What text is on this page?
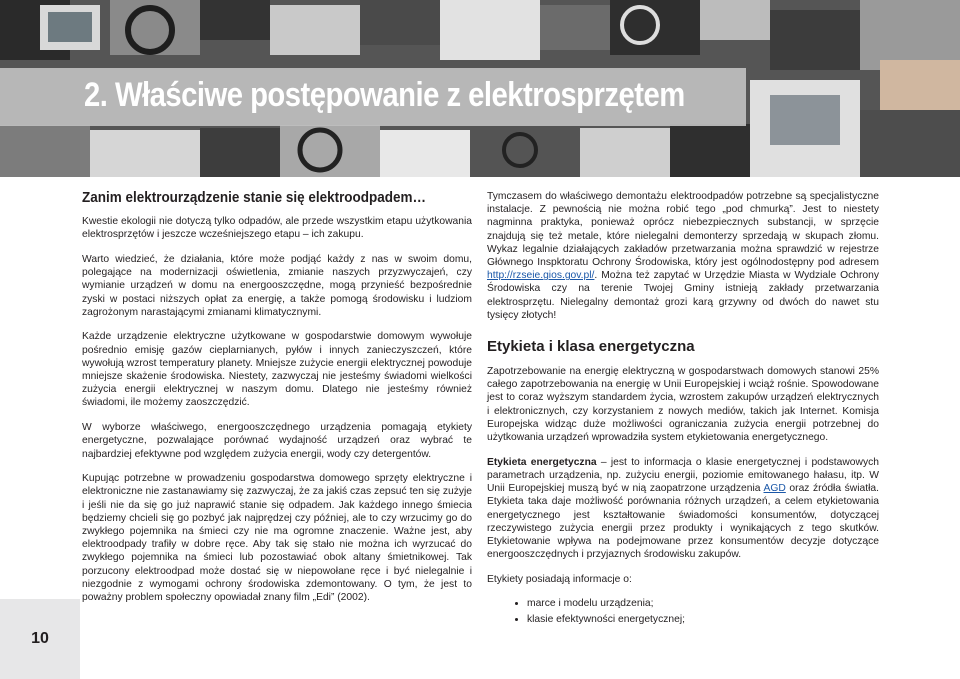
2. Właściwe postępowanie z elektrosprzętem
Zanim elektrourządzenie stanie się elektroodpadem…

Kwestie ekologii nie dotyczą tylko odpadów, ale przede wszystkim etapu użytkowania elektrosprzętów i jeszcze wcześniejszego etapu – ich zakupu.

Warto wiedzieć, że działania, które może podjąć każdy z nas w swoim domu, polegające na modernizacji oświetlenia, zmianie naszych przyzwyczajeń, czy wymianie urządzeń w domu na energooszczędne, mogą przynieść bezpośrednie zyski w postaci niższych opłat za energię, a także pomogą środowisku i ludziom zagrożonym narastającymi zmianami klimatycznymi.

Każde urządzenie elektryczne użytkowane w gospodarstwie domowym wywołuje pośrednio emisję gazów cieplarnianych, pyłów i innych zanieczyszczeń, które wywołują wzrost temperatury planety. Mniejsze zużycie energii elektrycznej powoduje mniejsze skażenie środowiska. Niestety, zazwyczaj nie jesteśmy świadomi wielkości zużycia energii elektrycznej w naszym domu. Dlatego nie jesteśmy również świadomi, ile możemy zaoszczędzić.

W wyborze właściwego, energooszczędnego urządzenia pomagają etykiety energetyczne, pozwalające porównać wydajność urządzeń oraz wybrać te najbardziej efektywne pod względem zużycia energii, wody czy detergentów.

Kupując potrzebne w prowadzeniu gospodarstwa domowego sprzęty elektryczne i elektroniczne nie zastanawiamy się zazwyczaj, że za jakiś czas zepsuć ten się zużyje i jeśli nie da się go już naprawić stanie się odpadem. Jak każdego innego śmiecia będziemy chcieli się go pozbyć jak najprędzej czy później, ale to czy wrzucimy go do zwykłego pojemnika na śmieci czy nie ma ogromne znaczenie. Ważne jest, aby elektroodpady trafiły w dobre ręce. Aby tak się stało nie można ich wyrzucać do zwykłego pojemnika na śmieci lub pozostawiać obok altany śmietnikowej. Tak porzucony elektroodpad może dostać się w niepowołane ręce i być nielegalnie i niezgodnie z wymogami ochrony środowiska zdemontowany. O tym, że jest to poważny problem społeczny opowiadał znany film „Edi” (2002).

Tymczasem do właściwego demontażu elektroodpadów potrzebne są specjalistyczne instalacje. Z pewnością nie można robić tego „pod chmurką”. Jest to niestety nagminna praktyka, ponieważ oprócz niebezpiecznych substancji, w sprzęcie znajdują się też metale, które nielegalni demonterzy sprzedają w skupach złomu. Wykaz legalnie działających zakładów przetwarzania można sprawdzić w rejestrze Głównego Inspktoratu Ochrony Środowiska, który jest ogólnodostępny pod adresem http://rzseie.gios.gov.pl/. Można też zapytać w Urzędzie Miasta w Wydziale Ochrony Środowiska czy na terenie Twojej Gminy istnieją zakłady przetwarzania elektrosprzętu. Nielegalny demontaż grozi karą grzywny od dwóch do nawet stu tysięcy złotych!

Etykieta i klasa energetyczna

Zapotrzebowanie na energię elektryczną w gospodarstwach domowych stanowi 25% całego zapotrzebowania na energię w Unii Europejskiej i wciąż rośnie. Spowodowane jest to coraz wyższym standardem życia, wzrostem zakupów urządzeń elektrycznych i elektronicznych, czy korzystaniem z nowych mediów, takich jak Internet. Komisja Europejska widząc duże możliwości ograniczania zużycia energii potrzebnej do użytkowania urządzeń wprowadziła system etykietowania energetycznego.

Etykieta energetyczna – jest to informacja o klasie energetycznej i podstawowych parametrach urządzenia, np. zużyciu energii, poziomie emitowanego hałasu, itp. W Unii Europejskiej muszą być w nią zaopatrzone urządzenia AGD oraz źródła światła. Etykieta taka daje możliwość porównania różnych urządzeń, a celem etykietowania energetycznego jest kształtowanie świadomości konsumentów, dotyczącej rzeczywistego zużycia energii przez produkty i wynikających z tego skutków. Etykietowanie wpływa na podejmowane przez konsumentów decyzje dotyczące energooszczędnych i przyjaznych środowisku zakupów.

Etykiety posiadają informacje o:

• marce i modelu urządzenia;
• klasie efektywności energetycznej;
10
